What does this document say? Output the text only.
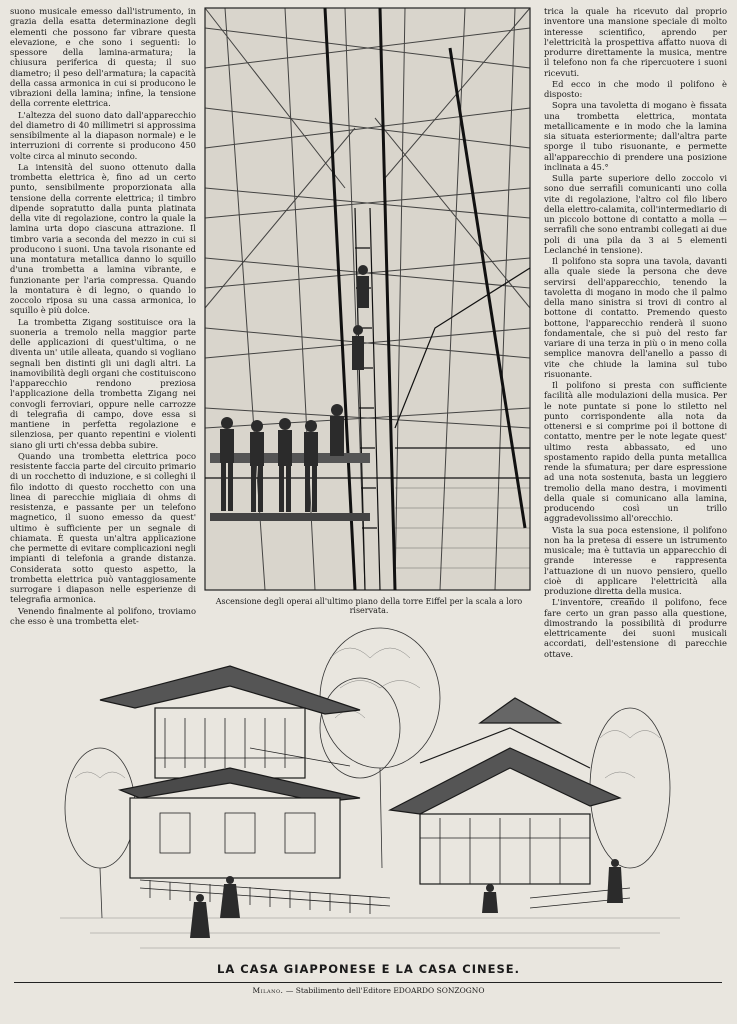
suono musicale emesso dall'istrumento, in grazia della esatta determinazione degli elementi che possono far vibrare questa elevazione, e che sono i seguenti: lo spessore della lamina-armatura; la chiusura periferica di questa; il suo diametro; il peso dell'armatura; la capacità della cassa armonica in cui si producono le vibrazioni della lamina; infine, la tensione della corrente elettrica.

L'altezza del suono dato dall'apparecchio del diametro di 40 millimetri si approssima sensibilmente al la diapason normale) e le interruzioni di corrente si producono 450 volte circa al minuto secondo.

La intensità del suono ottenuto dalla trombetta elettrica è, fino ad un certo punto, sensibilmente proporzionata alla tensione della corrente elettrica; il timbro dipende sopratutto dalla punta platinata della vite di regolazione, contro la quale la lamina urta dopo ciascuna attrazione. Il timbro varia a seconda del mezzo in cui si producono i suoni. Una tavola risonante ed una montatura metallica danno lo squillo d'una trombetta a lamina vibrante, e funzionante per l'aria compressa. Quando la montatura è di legno, o quando lo zoccolo riposa su una cassa armonica, lo squillo è più dolce.

La trombetta Zigang sostituisce ora la suoneria a tremolo nella maggior parte delle applicazioni di quest'ultima, o ne diventa un' utile alleata, quando si vogliano segnali ben distinti gli uni dagli altri. La inamovibilità degli organi che costituiscono l'apparecchio rendono preziosa l'applicazione della trombetta Zigang nei convogli ferroviari, oppure nelle carrozze di telegrafia di campo, dove essa si mantiene in perfetta regolazione e silenziosa, per quanto repentini e violenti siano gli urti ch'essa debba subire.

Quando una trombetta elettrica poco resistente faccia parte del circuito primario di un rocchetto di induzione, e si colleghi il filo indotto di questo rocchetto con una linea di parecchie migliaia di ohms di resistenza, e passante per un telefono magnetico, il suono emesso da quest' ultimo è sufficiente per un segnale di chiamata. È questa un'altra applicazione che permette di evitare complicazioni negli impianti di telefonia a grande distanza. Considerata sotto questo aspetto, la trombetta elettrica può vantaggiosamente surrogare i diapason nelle esperienze di telegrafia armonica.

Venendo finalmente al polifono, troviamo che esso è una trombetta elet-

Ascensione degli operai all'ultimo piano della torre Eiffel per la scala a loro riservata.

trica la quale ha ricevuto dal proprio inventore una mansione speciale di molto interesse scientifico, aprendo per l'elettricità la prospettiva affatto nuova di produrre direttamente la musica, mentre il telefono non fa che ripercuotere i suoni ricevuti.

Ed ecco in che modo il polifono è disposto:

Sopra una tavoletta di mogano è fissata una trombetta elettrica, montata metallicamente e in modo che la lamina sia situata esteriormente; dall'altra parte sporge il tubo risuonante, e permette all'apparecchio di prendere una posizione inclinata a 45.°

Sulla parte superiore dello zoccolo vi sono due serrafili comunicanti uno colla vite di regolazione, l'altro col filo libero della elettro-calamita, coll'intermediario di un piccolo bottone di contatto a molla — serrafili che sono entrambi collegati ai due poli di una pila da 3 ai 5 elementi Leclanché in tensione).

Il polifono sta sopra una tavola, davanti alla quale siede la persona che deve servirsi dell'apparecchio, tenendo la tavoletta di mogano in modo che il palmo della mano sinistra si trovi di contro al bottone di contatto. Premendo questo bottone, l'apparecchio renderà il suono fondamentale, che si può del resto far variare di una terza in più o in meno colla semplice manovra dell'anello a passo di vite che chiude la lamina sul tubo risuonante.

Il polifono si presta con sufficiente facilità alle modulazioni della musica. Per le note puntate si pone lo stiletto nel punto corrispondente alla nota da ottenersi e si comprime poi il bottone di contatto, mentre per le note legate quest' ultimo resta abbassato, ed uno spostamento rapido della punta metallica rende la sfumatura; per dare espressione ad una nota sostenuta, basta un leggiero tremolio della mano destra, i movimenti della quale si comunicano alla lamina, producendo così un trillo aggradevolissimo all'orecchio.

Vista la sua poca estensione, il polifono non ha la pretesa di essere un istrumento musicale; ma è tuttavia un apparecchio di grande interesse e rappresenta l'attuazione di un nuovo pensiero, quello cioè di applicare l'elettricità alla produzione diretta della musica.

L'inventore, creando il polifono, fece fare certo un gran passo alla questione, dimostrando la possibilità di produrre elettricamente dei suoni musicali accordati, dell'estensione di parecchie ottave.

LA CASA GIAPPONESE E LA CASA CINESE.
Milano. — Stabilimento dell'Editore EDOARDO SONZOGNO
